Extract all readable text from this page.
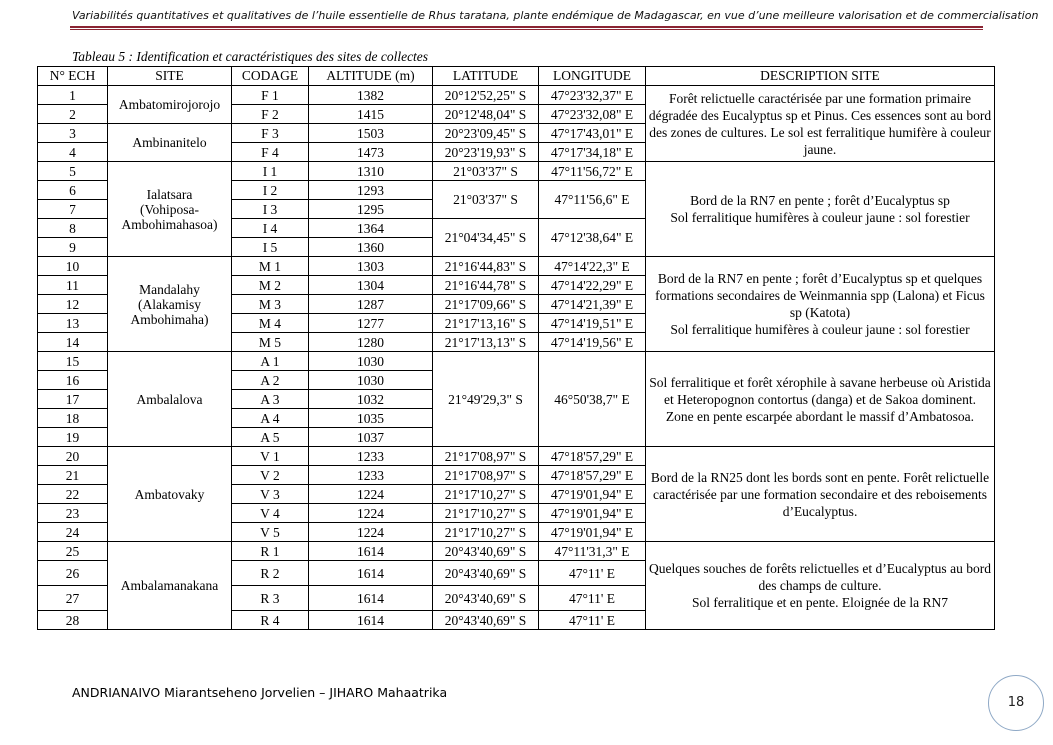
Variabilités quantitatives et qualitatives de l’huile essentielle de Rhus taratana, plante endémique de Madagascar, en vue d’une meilleure valorisation et de commercialisation
Tableau 5 : Identification et caractéristiques des sites de collectes
N° ECH	SITE	CODAGE	ALTITUDE (m)	LATITUDE	LONGITUDE	DESCRIPTION SITE
1	Ambatomirojorojo	F 1	1382	20°12'52,25" S	47°23'32,37" E	Forêt relictuelle caractérisée par une formation primaire dégradée des Eucalyptus sp et Pinus. Ces essences sont au bord des zones de cultures. Le sol est ferralitique humifère à couleur jaune.
2		F 2	1415	20°12'48,04" S	47°23'32,08" E	
3	Ambinanitelo	F 3	1503	20°23'09,45" S	47°17'43,01" E	
4		F 4	1473	20°23'19,93" S	47°17'34,18" E	
5	Ialatsara
(Vohiposa-
Ambohimahasoa)	I 1	1310	21°03'37" S	47°11'56,72" E	Bord de la RN7 en pente ; forêt d’Eucalyptus sp
Sol ferralitique humifères à couleur jaune : sol forestier
6		I 2	1293	21°03'37" S	47°11'56,6" E	
7		I 3	1295			
8		I 4	1364	21°04'34,45" S	47°12'38,64" E	
9		I 5	1360			
10	Mandalahy
(Alakamisy
Ambohimaha)	M 1	1303	21°16'44,83" S	47°14'22,3" E	Bord de la RN7 en pente ; forêt d’Eucalyptus sp et quelques formations secondaires de Weinmannia spp (Lalona) et Ficus sp (Katota)
Sol ferralitique humifères à couleur jaune : sol forestier
11		M 2	1304	21°16'44,78" S	47°14'22,29" E	
12		M 3	1287	21°17'09,66" S	47°14'21,39" E	
13		M 4	1277	21°17'13,16" S	47°14'19,51" E	
14		M 5	1280	21°17'13,13" S	47°14'19,56" E	
15	Ambalalova	A 1	1030	21°49'29,3" S	46°50'38,7" E	Sol ferralitique et forêt xérophile à savane herbeuse où Aristida et Heteropognon contortus (danga) et de Sakoa dominent.
Zone en pente escarpée abordant le massif d’Ambatosoa.
16		A 2	1030			
17		A 3	1032			
18		A 4	1035			
19		A 5	1037			
20	Ambatovaky	V 1	1233	21°17'08,97" S	47°18'57,29" E	Bord de la RN25 dont les bords sont en pente. Forêt relictuelle caractérisée par une formation secondaire et des reboisements d’Eucalyptus.
21		V 2	1233	21°17'08,97" S	47°18'57,29" E	
22		V 3	1224	21°17'10,27" S	47°19'01,94" E	
23		V 4	1224	21°17'10,27" S	47°19'01,94" E	
24		V 5	1224	21°17'10,27" S	47°19'01,94" E	
25	Ambalamanakana	R 1	1614	20°43'40,69" S	47°11'31,3" E	Quelques souches de forêts relictuelles et d’Eucalyptus au bord des champs de culture.
Sol ferralitique et en pente. Eloignée de la RN7
26		R 2	1614	20°43'40,69" S	47°11' E	
27		R 3	1614	20°43'40,69" S	47°11' E	
28		R 4	1614	20°43'40,69" S	47°11' E	
ANDRIANAIVO Miarantseheno Jorvelien – JIHARO Mahaatrika
18
